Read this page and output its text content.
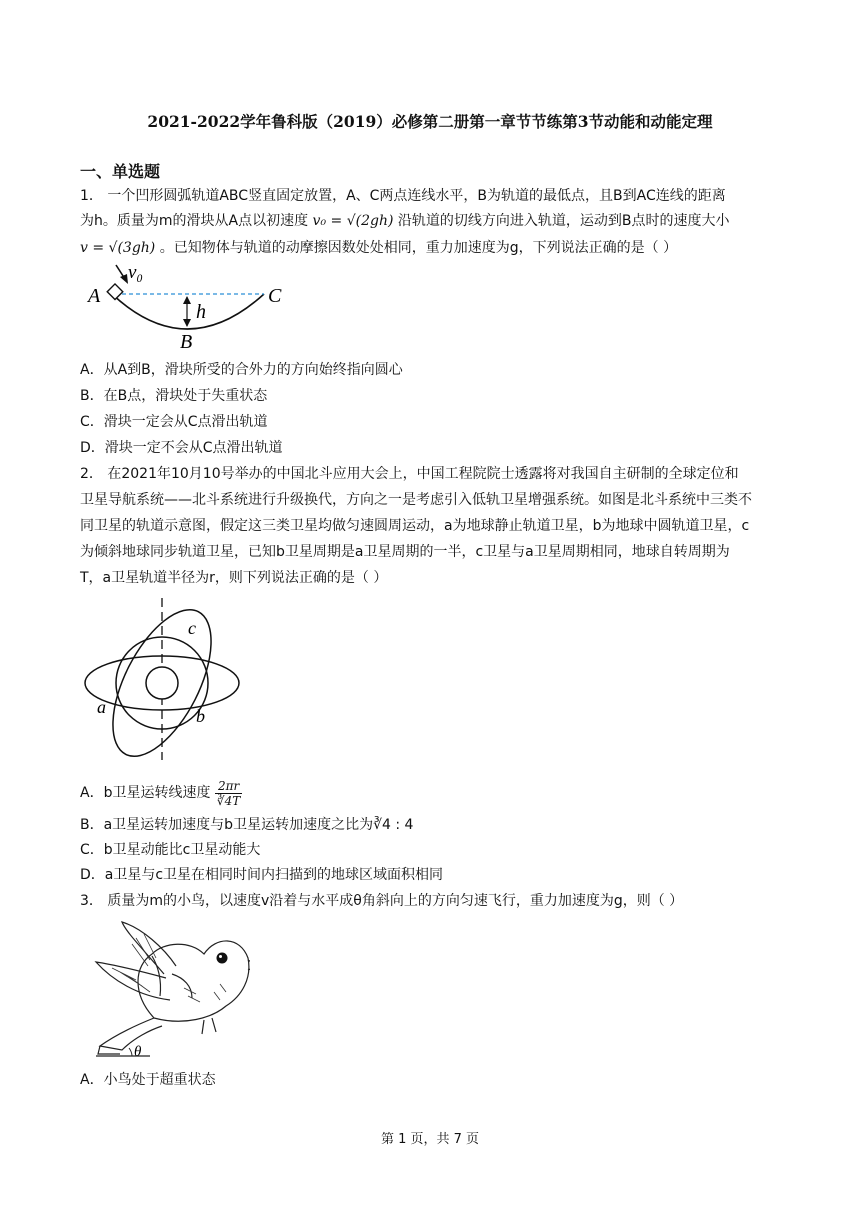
2021-2022学年鲁科版（2019）必修第二册第一章节节练第3节动能和动能定理
一、单选题
1． 一个凹形圆弧轨道ABC竖直固定放置，A、C两点连线水平，B为轨道的最低点，且B到AC连线的距离
为h。质量为m的滑块从A点以初速度 v₀ = √(2gh) 沿轨道的切线方向进入轨道，运动到B点时的速度大小
v = √(3gh) 。已知物体与轨道的动摩擦因数处处相同，重力加速度为g，下列说法正确的是（ ）
A	C
B
h
v₀
A．从A到B，滑块所受的合外力的方向始终指向圆心
B．在B点，滑块处于失重状态
C．滑块一定会从C点滑出轨道
D．滑块一定不会从C点滑出轨道
2． 在2021年10月10号举办的中国北斗应用大会上，中国工程院院士透露将对我国自主研制的全球定位和
卫星导航系统——北斗系统进行升级换代，方向之一是考虑引入低轨卫星增强系统。如图是北斗系统中三类不
同卫星的轨道示意图，假定这三类卫星均做匀速圆周运动，a为地球静止轨道卫星，b为地球中圆轨道卫星，c
为倾斜地球同步轨道卫星，已知b卫星周期是a卫星周期的一半，c卫星与a卫星周期相同，地球自转周期为
T，a卫星轨道半径为r，则下列说法正确的是（ ）
a	b
c
A．b卫星运转线速度 $\frac{2\pi r}{∛4T}$
B．a卫星运转加速度与b卫星运转加速度之比为∛4 : 4
C．b卫星动能比c卫星动能大
D．a卫星与c卫星在相同时间内扫描到的地球区域面积相同
3． 质量为m的小鸟，以速度v沿着与水平成θ角斜向上的方向匀速飞行，重力加速度为g，则（ ）
θ
A．小鸟处于超重状态
第 1 页，共 7 页
